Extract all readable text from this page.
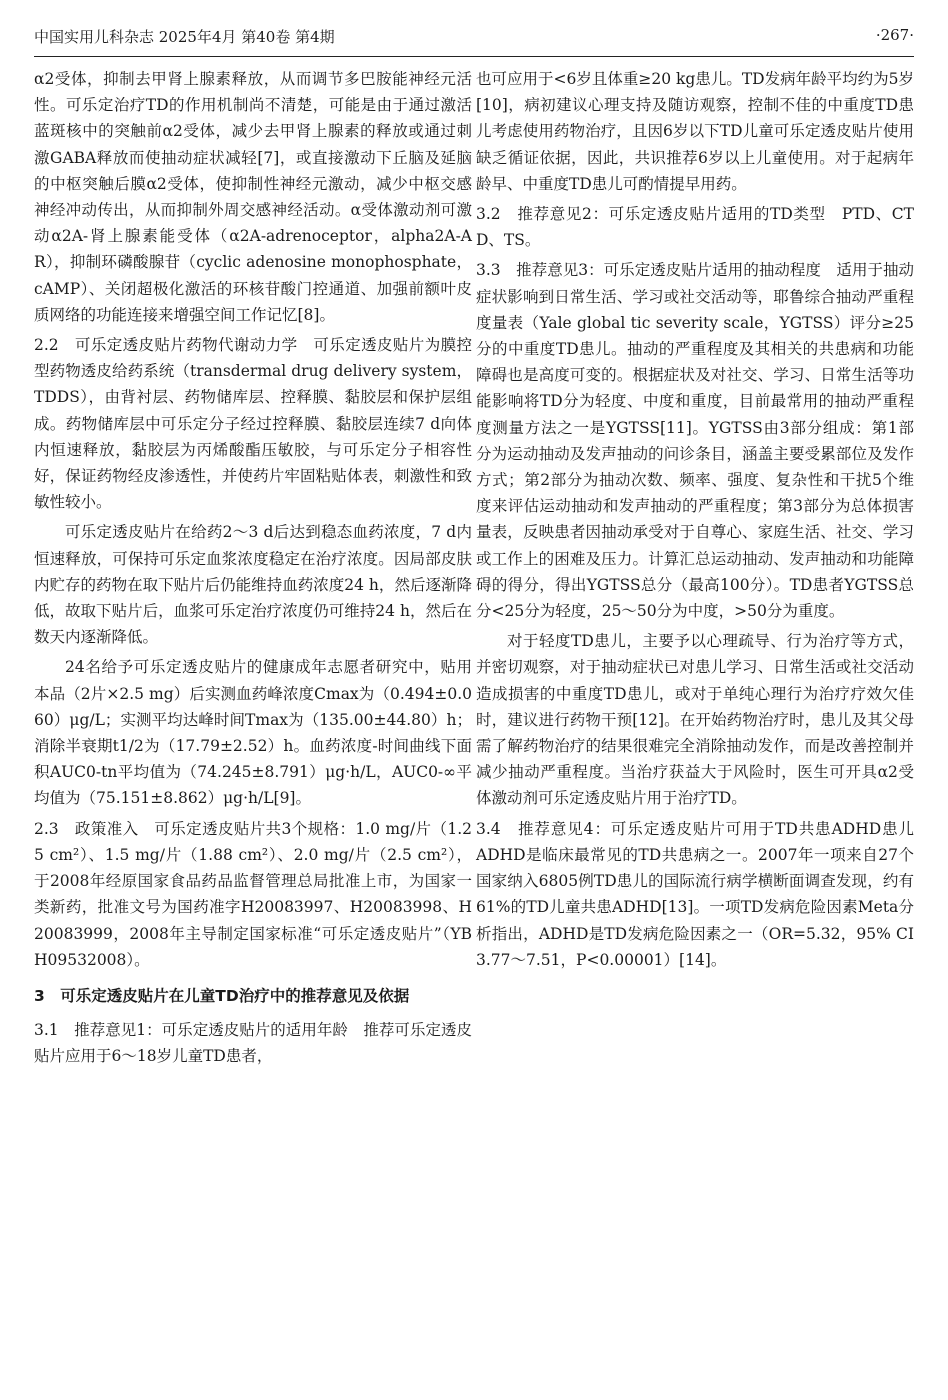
中国实用儿科杂志 2025年4月 第40卷 第4期	·267·

α2受体，抑制去甲肾上腺素释放，从而调节多巴胺能神经元活性。可乐定治疗TD的作用机制尚不清楚，可能是由于通过激活蓝斑核中的突触前α2受体，减少去甲肾上腺素的释放或通过刺激GABA释放而使抽动症状减轻[7]，或直接激动下丘脑及延脑的中枢突触后膜α2受体，使抑制性神经元激动，减少中枢交感神经冲动传出，从而抑制外周交感神经活动。α受体激动剂可激动α2A-肾上腺素能受体（α2A-adrenoceptor，alpha2A-AR），抑制环磷酸腺苷（cyclic adenosine monophosphate，cAMP）、关闭超极化激活的环核苷酸门控通道、加强前额叶皮质网络的功能连接来增强空间工作记忆[8]。

2.2　可乐定透皮贴片药物代谢动力学　可乐定透皮贴片为膜控型药物透皮给药系统（transdermal drug delivery system，TDDS），由背衬层、药物储库层、控释膜、黏胶层和保护层组成。药物储库层中可乐定分子经过控释膜、黏胶层连续7 d向体内恒速释放，黏胶层为丙烯酸酯压敏胶，与可乐定分子相容性好，保证药物经皮渗透性，并使药片牢固粘贴体表，刺激性和致敏性较小。

可乐定透皮贴片在给药2～3 d后达到稳态血药浓度，7 d内恒速释放，可保持可乐定血浆浓度稳定在治疗浓度。因局部皮肤内贮存的药物在取下贴片后仍能维持血药浓度24 h，然后逐渐降低，故取下贴片后，血浆可乐定治疗浓度仍可维持24 h，然后在数天内逐渐降低。

24名给予可乐定透皮贴片的健康成年志愿者研究中，贴用本品（2片×2.5 mg）后实测血药峰浓度Cmax为（0.494±0.060）μg/L；实测平均达峰时间Tmax为（135.00±44.80）h；消除半衰期t1/2为（17.79±2.52）h。血药浓度-时间曲线下面积AUC0-tn平均值为（74.245±8.791）μg·h/L，AUC0-∞平均值为（75.151±8.862）μg·h/L[9]。

2.3　政策准入　可乐定透皮贴片共3个规格：1.0 mg/片（1.25 cm²）、1.5 mg/片（1.88 cm²）、2.0 mg/片（2.5 cm²），于2008年经原国家食品药品监督管理总局批准上市，为国家一类新药，批准文号为国药准字H20083997、H20083998、H20083999，2008年主导制定国家标准“可乐定透皮贴片”（YBH09532008）。

3　可乐定透皮贴片在儿童TD治疗中的推荐意见及依据

3.1　推荐意见1：可乐定透皮贴片的适用年龄　推荐可乐定透皮贴片应用于6～18岁儿童TD患者，

也可应用于<6岁且体重≥20 kg患儿。TD发病年龄平均约为5岁[10]，病初建议心理支持及随访观察，控制不佳的中重度TD患儿考虑使用药物治疗，且因6岁以下TD儿童可乐定透皮贴片使用缺乏循证依据，因此，共识推荐6岁以上儿童使用。对于起病年龄早、中重度TD患儿可酌情提早用药。

3.2　推荐意见2：可乐定透皮贴片适用的TD类型　PTD、CTD、TS。

3.3　推荐意见3：可乐定透皮贴片适用的抽动程度　适用于抽动症状影响到日常生活、学习或社交活动等，耶鲁综合抽动严重程度量表（Yale global tic severity scale，YGTSS）评分≥25分的中重度TD患儿。抽动的严重程度及其相关的共患病和功能障碍也是高度可变的。根据症状及对社交、学习、日常生活等功能影响将TD分为轻度、中度和重度，目前最常用的抽动严重程度测量方法之一是YGTSS[11]。YGTSS由3部分组成：第1部分为运动抽动及发声抽动的问诊条目，涵盖主要受累部位及发作方式；第2部分为抽动次数、频率、强度、复杂性和干扰5个维度来评估运动抽动和发声抽动的严重程度；第3部分为总体损害量表，反映患者因抽动承受对于自尊心、家庭生活、社交、学习或工作上的困难及压力。计算汇总运动抽动、发声抽动和功能障碍的得分，得出YGTSS总分（最高100分）。TD患者YGTSS总分<25分为轻度，25～50分为中度，>50分为重度。

对于轻度TD患儿，主要予以心理疏导、行为治疗等方式，并密切观察，对于抽动症状已对患儿学习、日常生活或社交活动造成损害的中重度TD患儿，或对于单纯心理行为治疗疗效欠佳时，建议进行药物干预[12]。在开始药物治疗时，患儿及其父母需了解药物治疗的结果很难完全消除抽动发作，而是改善控制并减少抽动严重程度。当治疗获益大于风险时，医生可开具α2受体激动剂可乐定透皮贴片用于治疗TD。

3.4　推荐意见4：可乐定透皮贴片可用于TD共患ADHD患儿　ADHD是临床最常见的TD共患病之一。2007年一项来自27个国家纳入6805例TD患儿的国际流行病学横断面调查发现，约有61%的TD儿童共患ADHD[13]。一项TD发病危险因素Meta分析指出，ADHD是TD发病危险因素之一（OR=5.32，95% CI 3.77～7.51，P<0.00001）[14]。
